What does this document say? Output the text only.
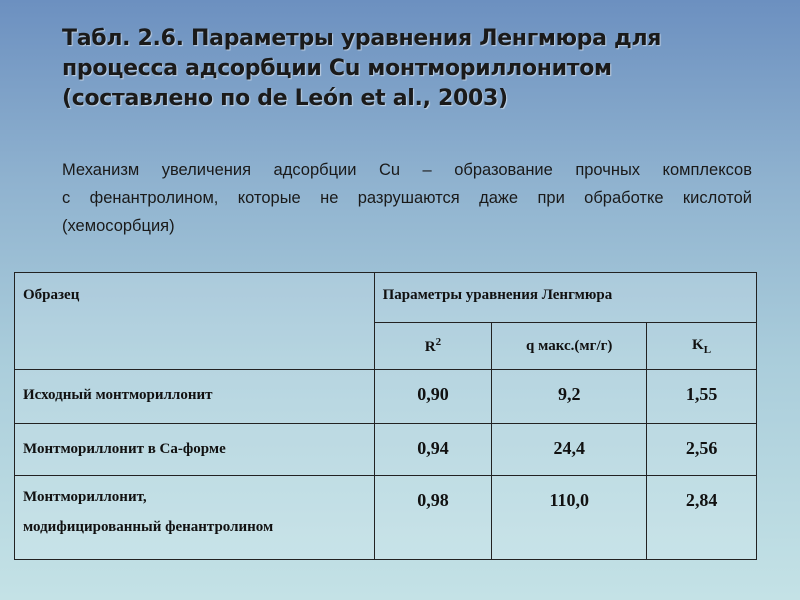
Табл. 2.6. Параметры уравнения Ленгмюра для
процесса адсорбции Cu монтмориллонитом
(составлено по de León et al., 2003)

Механизм увеличения адсорбции Cu – образование прочных комплексов
с фенантролином, которые не разрушаются даже при обработке кислотой
(хемосорбция)

Образец	Параметры уравнения Ленгмюра		
	$R^2$	q макс.(мг/г)	$K_L$
Исходный монтмориллонит	0,90	9,2	1,55
Монтмориллонит в Са-форме	0,94	24,4	2,56

Монтмориллонит,
модифицированный фенантролином	0,98	110,0	2,84
